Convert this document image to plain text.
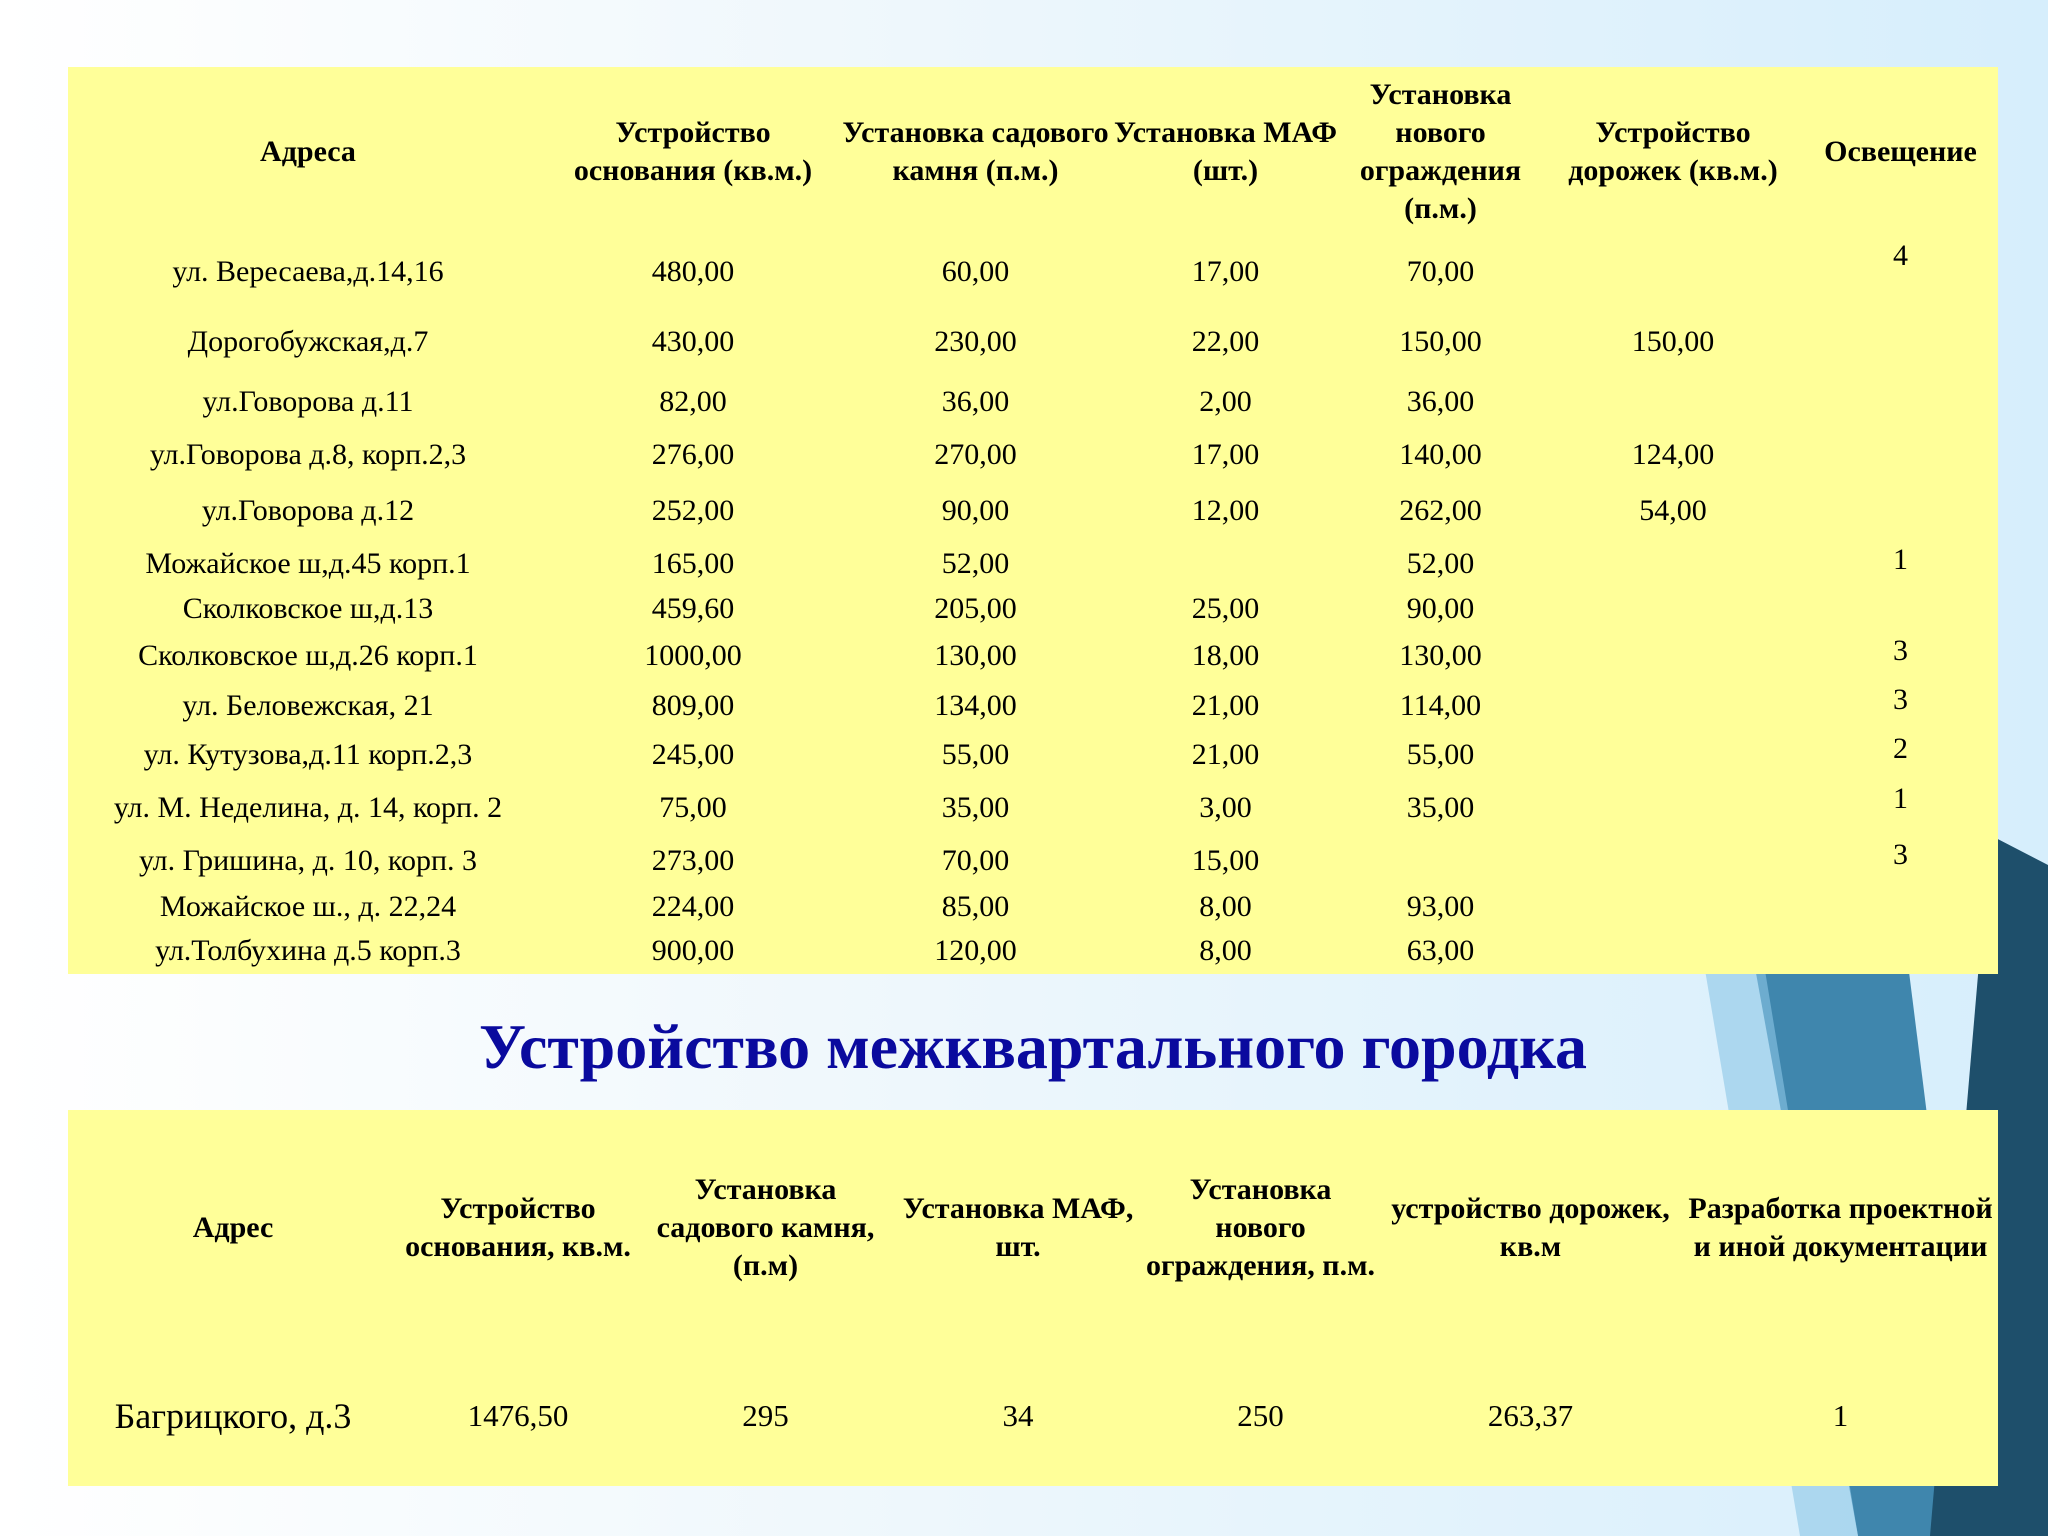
Адреса	Устройство основания (кв.м.)	Установка садового камня (п.м.)	Установка МАФ (шт.)	Установка нового ограждения (п.м.)	Устройство дорожек (кв.м.)	Освещение
ул. Вересаева,д.14,16	480,00	60,00	17,00	70,00		4
Дорогобужская,д.7	430,00	230,00	22,00	150,00	150,00	
ул.Говорова д.11	82,00	36,00	2,00	36,00		
ул.Говорова д.8, корп.2,3	276,00	270,00	17,00	140,00	124,00	
ул.Говорова д.12	252,00	90,00	12,00	262,00	54,00	
Можайское ш,д.45 корп.1	165,00	52,00		52,00		1
Сколковское ш,д.13	459,60	205,00	25,00	90,00		
Сколковское ш,д.26 корп.1	1000,00	130,00	18,00	130,00		3
ул. Беловежская, 21	809,00	134,00	21,00	114,00		3
ул. Кутузова,д.11 корп.2,3	245,00	55,00	21,00	55,00		2
ул. М. Неделина, д. 14, корп. 2	75,00	35,00	3,00	35,00		1
ул. Гришина, д. 10, корп. 3	273,00	70,00	15,00			3
Можайское ш., д. 22,24	224,00	85,00	8,00	93,00		
ул.Толбухина д.5 корп.3	900,00	120,00	8,00	63,00		
Устройство межквартального городка
Адрес	Устройство основания, кв.м.	Установка садового камня, (п.м)	Установка МАФ, шт.	Установка нового ограждения, п.м.	устройство дорожек, кв.м	Разработка проектной и иной документации
Багрицкого, д.3	1476,50	295	34	250	263,37	1
